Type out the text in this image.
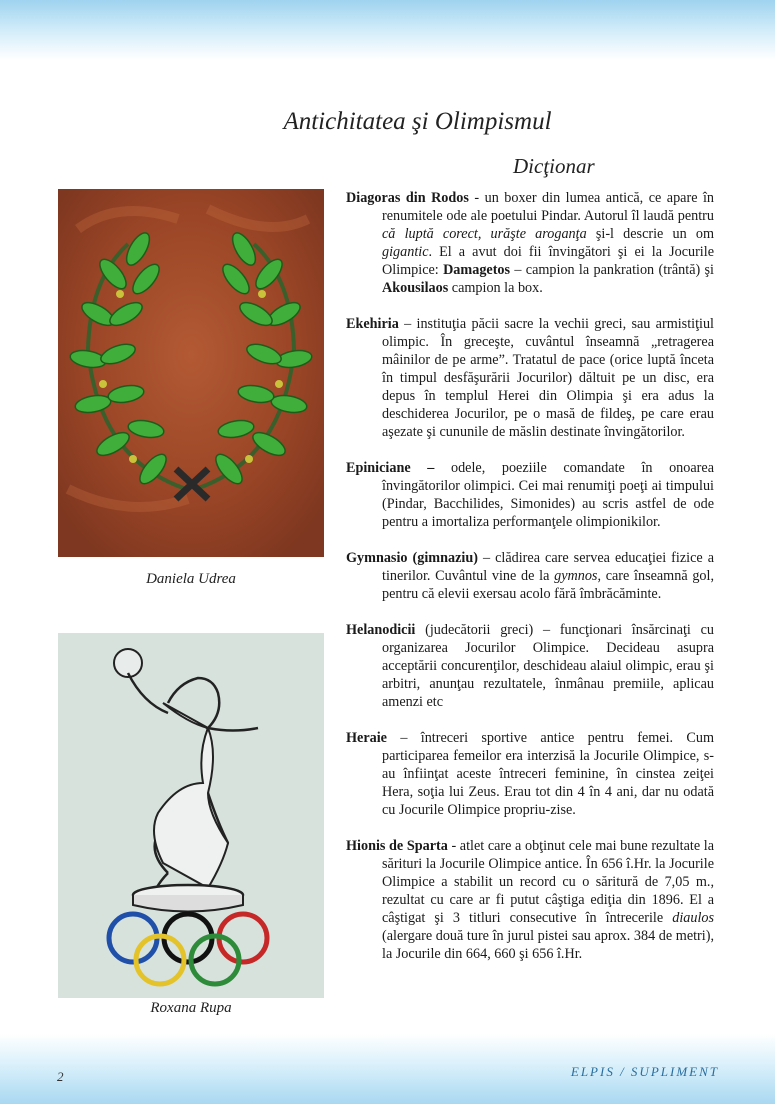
Antichitatea şi Olimpismul
Dicţionar
Daniela Udrea
Roxana Rupa

Diagoras din Rodos - un boxer din lumea antică, ce apare în renumitele ode ale poetului Pindar. Autorul îl laudă pentru că luptă corect, urăşte aroganţa şi-l descrie un om gigantic. El a avut doi fii învingători şi ei la Jocurile Olimpice: Damagetos – campion la pankration (trântă) şi Akousilaos campion la box.

Ekehiria – instituţia păcii sacre la vechii greci, sau armistiţiul olimpic. În greceşte, cuvântul înseamnă „retragerea mâinilor de pe arme”. Tratatul de pace (orice luptă înceta în timpul desfăşurării Jocurilor) dăltuit pe un disc, era depus în templul Herei din Olimpia şi era adus la deschiderea Jocurilor, pe o masă de fildeş, pe care erau aşezate şi cununile de măslin destinate învingătorilor.

Epiniciane – odele, poeziile comandate în onoarea învingătorilor olimpici. Cei mai renumiţi poeţi ai timpului (Pindar, Bacchilides, Simonides) au scris astfel de ode pentru a imortaliza performanţele olimpionikilor.

Gymnasio (gimnaziu) – clădirea care servea educaţiei fizice a tinerilor. Cuvântul vine de la gymnos, care înseamnă gol, pentru că elevii exersau acolo fără îmbrăcăminte.

Helanodicii (judecătorii greci) – funcţionari însărcinaţi cu organizarea Jocurilor Olimpice. Decideau asupra acceptării concurenţilor, deschideau alaiul olimpic, erau şi arbitri, anunţau rezultatele, înmânau premiile, aplicau amenzi etc

Heraie – întreceri sportive antice pentru femei. Cum participarea femeilor era interzisă la Jocurile Olimpice, s-au înfiinţat aceste întreceri feminine, în cinstea zeiţei Hera, soţia lui Zeus. Erau tot din 4 în 4 ani, dar nu odată cu Jocurile Olimpice propriu-zise.

Hionis de Sparta - atlet care a obţinut cele mai bune rezultate la sărituri la Jocurile Olimpice antice. În 656 î.Hr. la Jocurile Olimpice a stabilit un record cu o săritură de 7,05 m., rezultat cu care ar fi putut câştiga ediţia din 1896. El a câştigat şi 3 titluri consecutive în întrecerile diaulos (alergare două ture în jurul pistei sau aprox. 384 de metri), la Jocurile din 664, 660 şi 656 î.Hr.

2	ELPIS / SUPLIMENT
